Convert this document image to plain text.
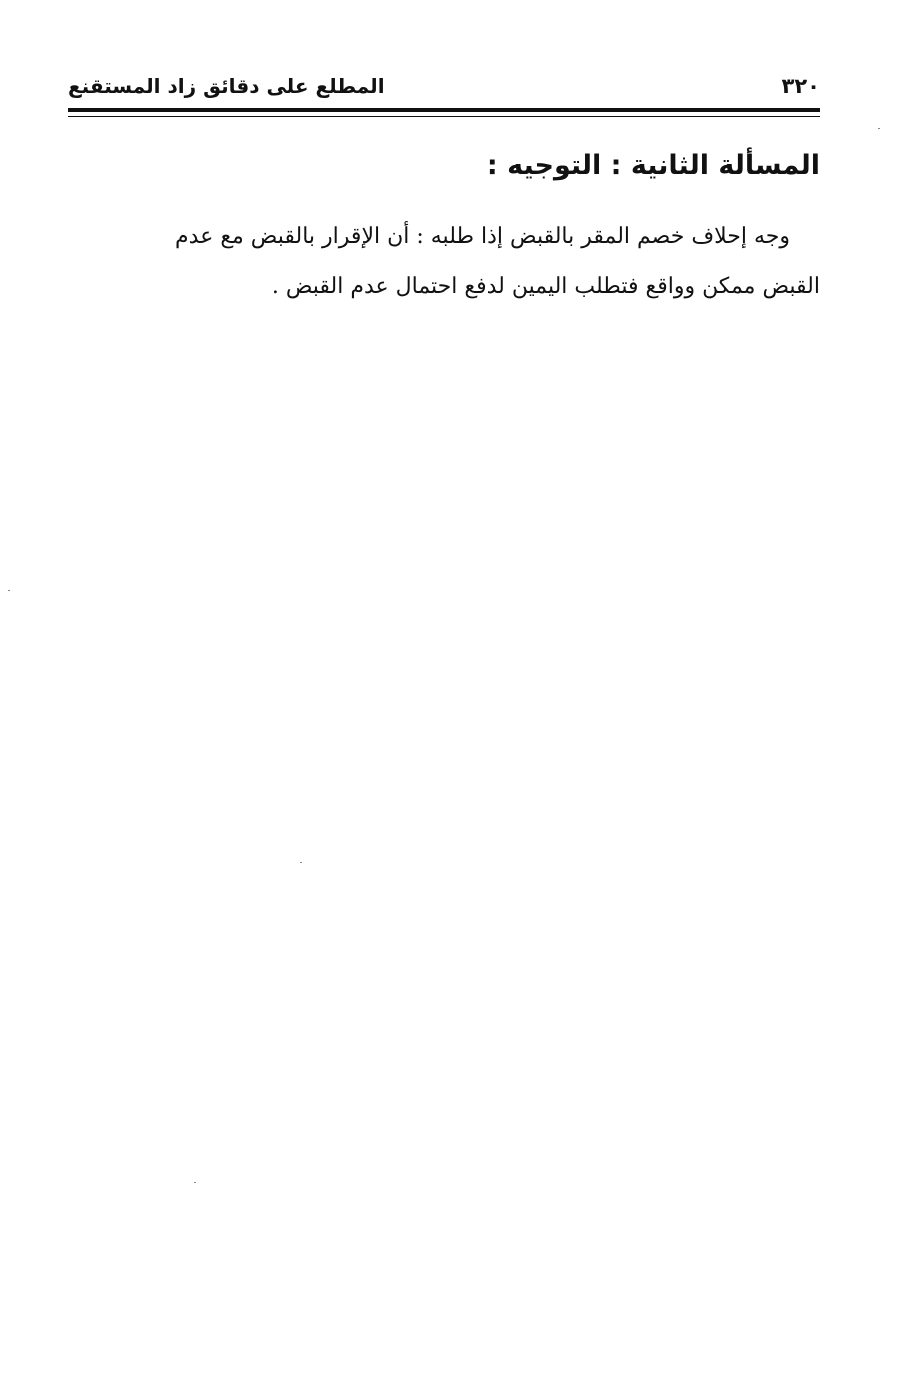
٣٢٠
المطلع على دقائق زاد المستقنع
المسألة الثانية : التوجيه :
وجه إحلاف خصم المقر بالقبض إذا طلبه : أن الإقرار بالقبض مع عدم
القبض ممكن وواقع فتطلب اليمين لدفع احتمال عدم القبض .
